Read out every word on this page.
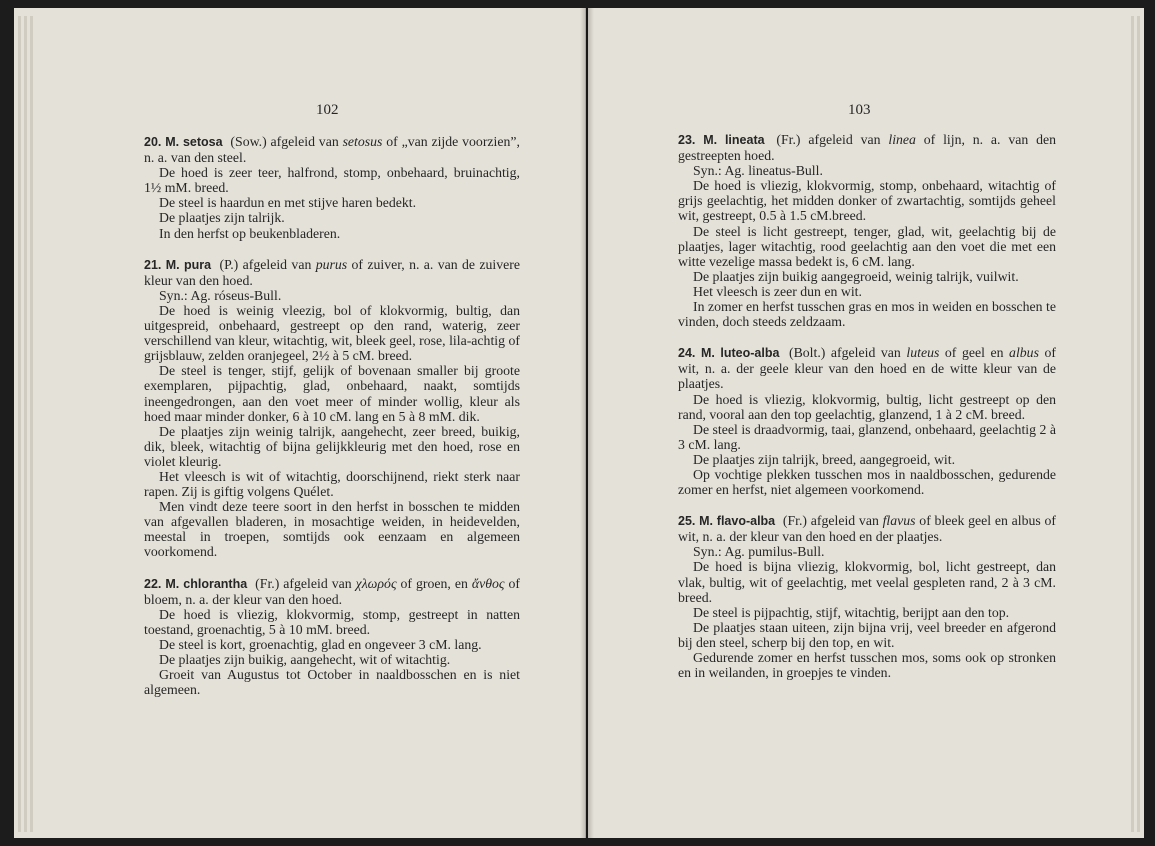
102

20. M. setosa (Sow.) afgeleid van setosus of „van zijde voorzien”, n. a. van den steel.

De hoed is zeer teer, halfrond, stomp, onbehaard, bruinachtig, 1½ mM. breed.

De steel is haardun en met stijve haren bedekt.

De plaatjes zijn talrijk.

In den herfst op beukenbladeren.

21. M. pura (P.) afgeleid van purus of zuiver, n. a. van de zuivere kleur van den hoed.

Syn.: Ag. róseus-Bull.

De hoed is weinig vleezig, bol of klokvormig, bultig, dan uitgespreid, onbehaard, gestreept op den rand, waterig, zeer verschillend van kleur, witachtig, wit, bleek geel, rose, lila-achtig of grijsblauw, zelden oranjegeel, 2½ à 5 cM. breed.

De steel is tenger, stijf, gelijk of bovenaan smaller bij groote exemplaren, pijpachtig, glad, onbehaard, naakt, somtijds ineengedrongen, aan den voet meer of minder wollig, kleur als hoed maar minder donker, 6 à 10 cM. lang en 5 à 8 mM. dik.

De plaatjes zijn weinig talrijk, aangehecht, zeer breed, buikig, dik, bleek, witachtig of bijna gelijkkleurig met den hoed, rose en violet kleurig.

Het vleesch is wit of witachtig, doorschijnend, riekt sterk naar rapen. Zij is giftig volgens Quélet.

Men vindt deze teere soort in den herfst in bosschen te midden van afgevallen bladeren, in mosachtige weiden, in heidevelden, meestal in troepen, somtijds ook eenzaam en algemeen voorkomend.

22. M. chlorantha (Fr.) afgeleid van χλωρός of groen, en ἄνθος of bloem, n. a. der kleur van den hoed.

De hoed is vliezig, klokvormig, stomp, gestreept in natten toestand, groenachtig, 5 à 10 mM. breed.

De steel is kort, groenachtig, glad en ongeveer 3 cM. lang.

De plaatjes zijn buikig, aangehecht, wit of witachtig.

Groeit van Augustus tot October in naaldbosschen en is niet algemeen.

103

23. M. lineata (Fr.) afgeleid van linea of lijn, n. a. van den gestreepten hoed.

Syn.: Ag. lineatus-Bull.

De hoed is vliezig, klokvormig, stomp, onbehaard, witachtig of grijs geelachtig, het midden donker of zwartachtig, somtijds geheel wit, gestreept, 0.5 à 1.5 cM.breed.

De steel is licht gestreept, tenger, glad, wit, geelachtig bij de plaatjes, lager witachtig, rood geelachtig aan den voet die met een witte vezelige massa bedekt is, 6 cM. lang.

De plaatjes zijn buikig aangegroeid, weinig talrijk, vuilwit.

Het vleesch is zeer dun en wit.

In zomer en herfst tusschen gras en mos in weiden en bosschen te vinden, doch steeds zeldzaam.

24. M. luteo-alba (Bolt.) afgeleid van luteus of geel en albus of wit, n. a. der geele kleur van den hoed en de witte kleur van de plaatjes.

De hoed is vliezig, klokvormig, bultig, licht gestreept op den rand, vooral aan den top geelachtig, glanzend, 1 à 2 cM. breed.

De steel is draadvormig, taai, glanzend, onbehaard, geelachtig 2 à 3 cM. lang.

De plaatjes zijn talrijk, breed, aangegroeid, wit.

Op vochtige plekken tusschen mos in naaldbosschen, gedurende zomer en herfst, niet algemeen voorkomend.

25. M. flavo-alba (Fr.) afgeleid van flavus of bleek geel en albus of wit, n. a. der kleur van den hoed en der plaatjes.

Syn.: Ag. pumilus-Bull.

De hoed is bijna vliezig, klokvormig, bol, licht gestreept, dan vlak, bultig, wit of geelachtig, met veelal gespleten rand, 2 à 3 cM. breed.

De steel is pijpachtig, stijf, witachtig, berijpt aan den top.

De plaatjes staan uiteen, zijn bijna vrij, veel breeder en afgerond bij den steel, scherp bij den top, en wit.

Gedurende zomer en herfst tusschen mos, soms ook op stronken en in weilanden, in groepjes te vinden.
